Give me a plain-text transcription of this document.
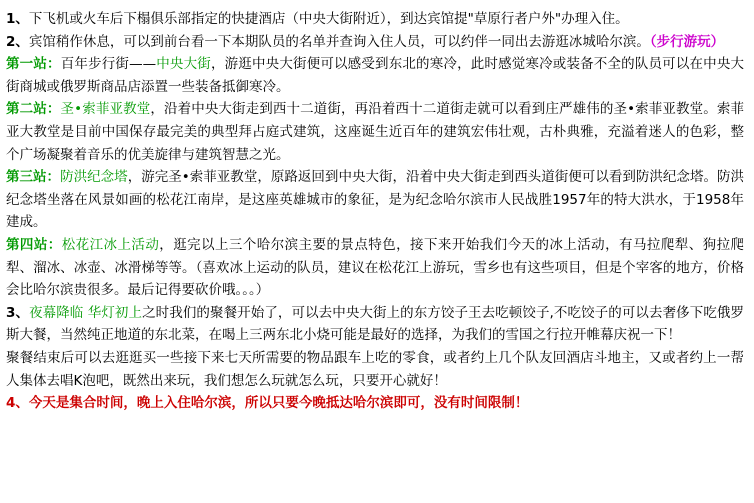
1、下飞机或火车后下榻俱乐部指定的快捷酒店（中央大街附近），到达宾馆提"草原行者户外"办理入住。

2、宾馆稍作休息，可以到前台看一下本期队员的名单并查询入住人员，可以约伴一同出去游逛冰城哈尔滨。（步行游玩）

第一站：百年步行街——中央大街，游逛中央大街便可以感受到东北的寒冷，此时感觉寒冷或装备不全的队员可以在中央大街商城或俄罗斯商品店添置一些装备抵御寒冷。

第二站：圣•索菲亚教堂，沿着中央大街走到西十二道街，再沿着西十二道街走就可以看到庄严雄伟的圣•索菲亚教堂。索菲亚大教堂是目前中国保存最完美的典型拜占庭式建筑，这座诞生近百年的建筑宏伟壮观，古朴典雅，充溢着迷人的色彩，整个广场凝聚着音乐的优美旋律与建筑智慧之光。

第三站：防洪纪念塔，游完圣•索菲亚教堂，原路返回到中央大街，沿着中央大街走到西头道街便可以看到防洪纪念塔。防洪纪念塔坐落在风景如画的松花江南岸，是这座英雄城市的象征，是为纪念哈尔滨市人民战胜1957年的特大洪水，于1958年建成。

第四站：松花江冰上活动，逛完以上三个哈尔滨主要的景点特色，接下来开始我们今天的冰上活动，有马拉爬犁、狗拉爬犁、溜冰、冰壶、冰滑梯等等。（喜欢冰上运动的队员，建议在松花江上游玩，雪乡也有这些项目，但是个宰客的地方，价格会比哈尔滨贵很多。最后记得要砍价哦。。。）

3、夜幕降临 华灯初上之时我们的聚餐开始了，可以去中央大街上的东方饺子王去吃顿饺子,不吃饺子的可以去奢侈下吃俄罗斯大餐，当然纯正地道的东北菜，在喝上三两东北小烧可能是最好的选择，为我们的雪国之行拉开帷幕庆祝一下！

聚餐结束后可以去逛逛买一些接下来七天所需要的物品跟车上吃的零食，或者约上几个队友回酒店斗地主，又或者约上一帮人集体去唱K泡吧，既然出来玩，我们想怎么玩就怎么玩，只要开心就好！

4、今天是集合时间，晚上入住哈尔滨，所以只要今晚抵达哈尔滨即可，没有时间限制！
